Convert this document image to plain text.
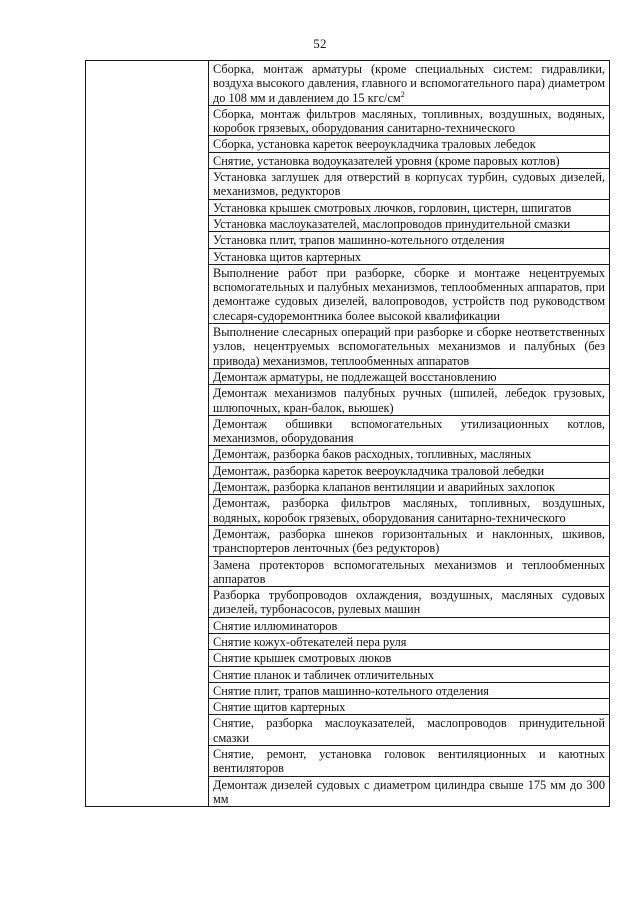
52
	Сборка, монтаж арматуры (кроме специальных систем: гидравлики, воздуха высокого давления, главного и вспомогательного пара) диаметром до 108 мм и давлением до 15 кгс/$см^2$
Сборка, монтаж фильтров масляных, топливных, воздушных, водяных, коробок грязевых, оборудования санитарно-технического
Сборка, установка кареток веероукладчика траловых лебедок
Снятие, установка водоуказателей уровня (кроме паровых котлов)
Установка заглушек для отверстий в корпусах турбин, судовых дизелей, механизмов, редукторов
Установка крышек смотровых лючков, горловин, цистерн, шпигатов
Установка маслоуказателей, маслопроводов принудительной смазки
Установка плит, трапов машинно-котельного отделения
Установка щитов картерных
Выполнение работ при разборке, сборке и монтаже нецентруемых вспомогательных и палубных механизмов, теплообменных аппаратов, при демонтаже судовых дизелей, валопроводов, устройств под руководством слесаря-судоремонтника более высокой квалификации
Выполнение слесарных операций при разборке и сборке неответственных узлов, нецентруемых вспомогательных механизмов и палубных (без привода) механизмов, теплообменных аппаратов
Демонтаж арматуры, не подлежащей восстановлению
Демонтаж механизмов палубных ручных (шпилей, лебедок грузовых, шлюпочных, кран-балок, вьюшек)
Демонтаж обшивки вспомогательных утилизационных котлов, механизмов, оборудования
Демонтаж, разборка баков расходных, топливных, масляных
Демонтаж, разборка кареток веероукладчика траловой лебедки
Демонтаж, разборка клапанов вентиляции и аварийных захлопок
Демонтаж, разборка фильтров масляных, топливных, воздушных, водяных, коробок грязевых, оборудования санитарно-технического
Демонтаж, разборка шнеков горизонтальных и наклонных, шкивов, транспортеров ленточных (без редукторов)
Замена протекторов вспомогательных механизмов и теплообменных аппаратов
Разборка трубопроводов охлаждения, воздушных, масляных судовых дизелей, турбонасосов, рулевых машин
Снятие иллюминаторов
Снятие кожух-обтекателей пера руля
Снятие крышек смотровых люков
Снятие планок и табличек отличительных
Снятие плит, трапов машинно-котельного отделения
Снятие щитов картерных
Снятие, разборка маслоуказателей, маслопроводов принудительной смазки
Снятие, ремонт, установка головок вентиляционных и каютных вентиляторов
Демонтаж дизелей судовых с диаметром цилиндра свыше 175 мм до 300 мм
